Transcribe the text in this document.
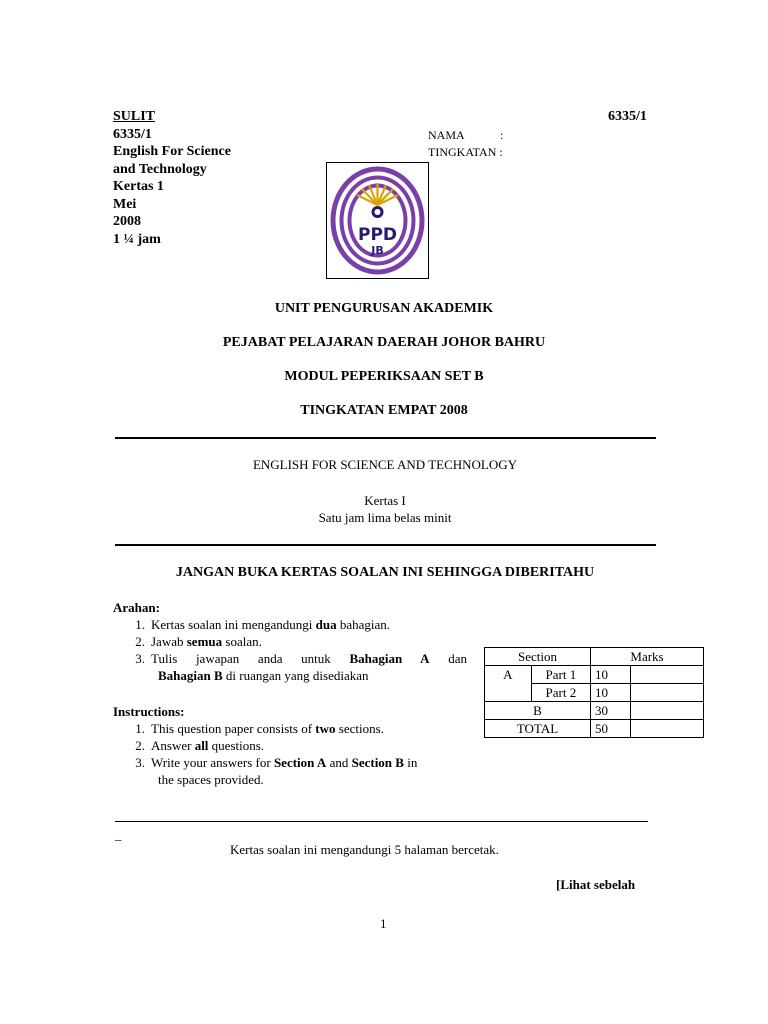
SULIT
6335/1
English For Science
and Technology
Kertas 1
Mei
2008
1 ¼ jam
6335/1
NAMA            :
TINGKATAN :
PPD
JB
UNIT PENGURUSAN AKADEMIK
PEJABAT PELAJARAN DAERAH JOHOR BAHRU
MODUL PEPERIKSAAN SET B
TINGKATAN EMPAT 2008
ENGLISH FOR SCIENCE AND TECHNOLOGY
Kertas I
Satu jam lima belas minit
JANGAN BUKA KERTAS SOALAN INI SEHINGGA DIBERITAHU
Arahan:
1. Kertas soalan ini mengandungi dua bahagian.
2. Jawab semua soalan.
3. Tulis jawapan anda untuk Bahagian A dan
Bahagian B di ruangan yang disediakan
Instructions:
1. This question paper consists of two sections.
2. Answer all questions.
3. Write your answers for Section A and Section B in
the spaces provided.
Section		Marks	
A	Part 1	10	
	Part 2	10	
B		30	
TOTAL		50	
_
Kertas soalan ini mengandungi 5 halaman bercetak.
[Lihat sebelah
1
